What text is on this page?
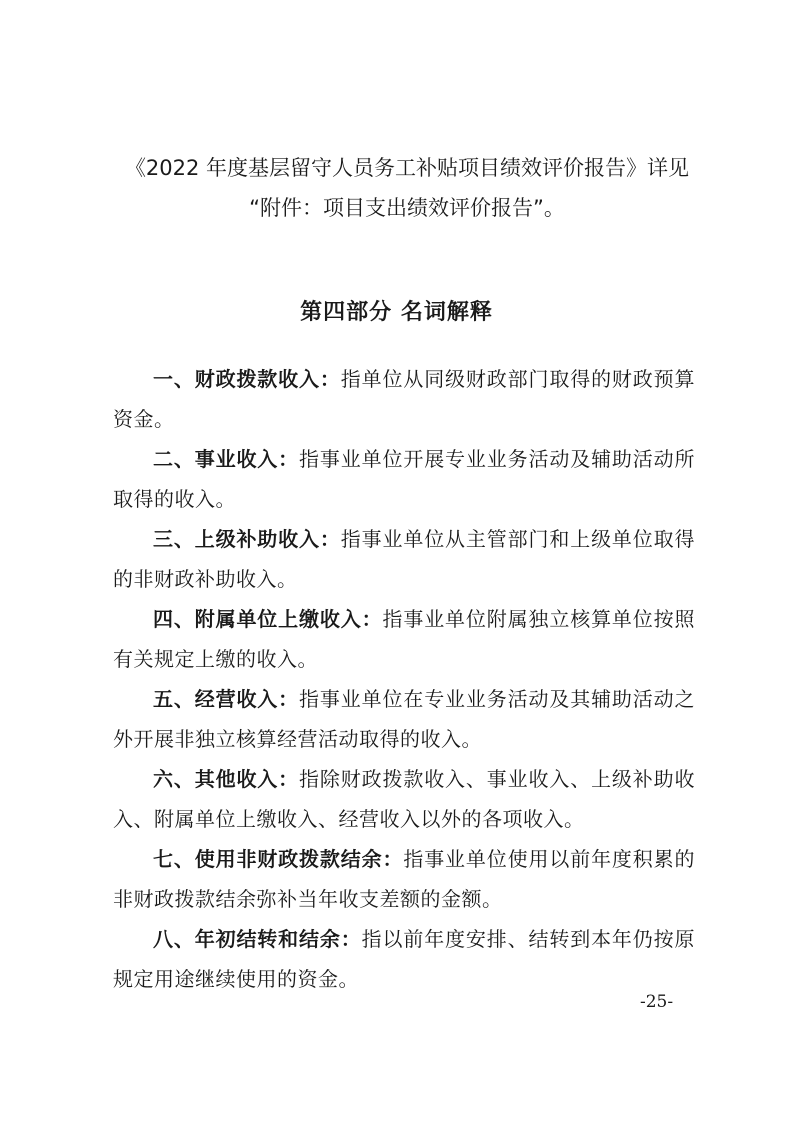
《2022 年度基层留守人员务工补贴项目绩效评价报告》详见
“附件：项目支出绩效评价报告”。
第四部分 名词解释

一、财政拨款收入：指单位从同级财政部门取得的财政预算资金。

二、事业收入：指事业单位开展专业业务活动及辅助活动所取得的收入。

三、上级补助收入：指事业单位从主管部门和上级单位取得的非财政补助收入。

四、附属单位上缴收入：指事业单位附属独立核算单位按照有关规定上缴的收入。

五、经营收入：指事业单位在专业业务活动及其辅助活动之外开展非独立核算经营活动取得的收入。

六、其他收入：指除财政拨款收入、事业收入、上级补助收入、附属单位上缴收入、经营收入以外的各项收入。

七、使用非财政拨款结余：指事业单位使用以前年度积累的非财政拨款结余弥补当年收支差额的金额。

八、年初结转和结余：指以前年度安排、结转到本年仍按原规定用途继续使用的资金。

-25-
